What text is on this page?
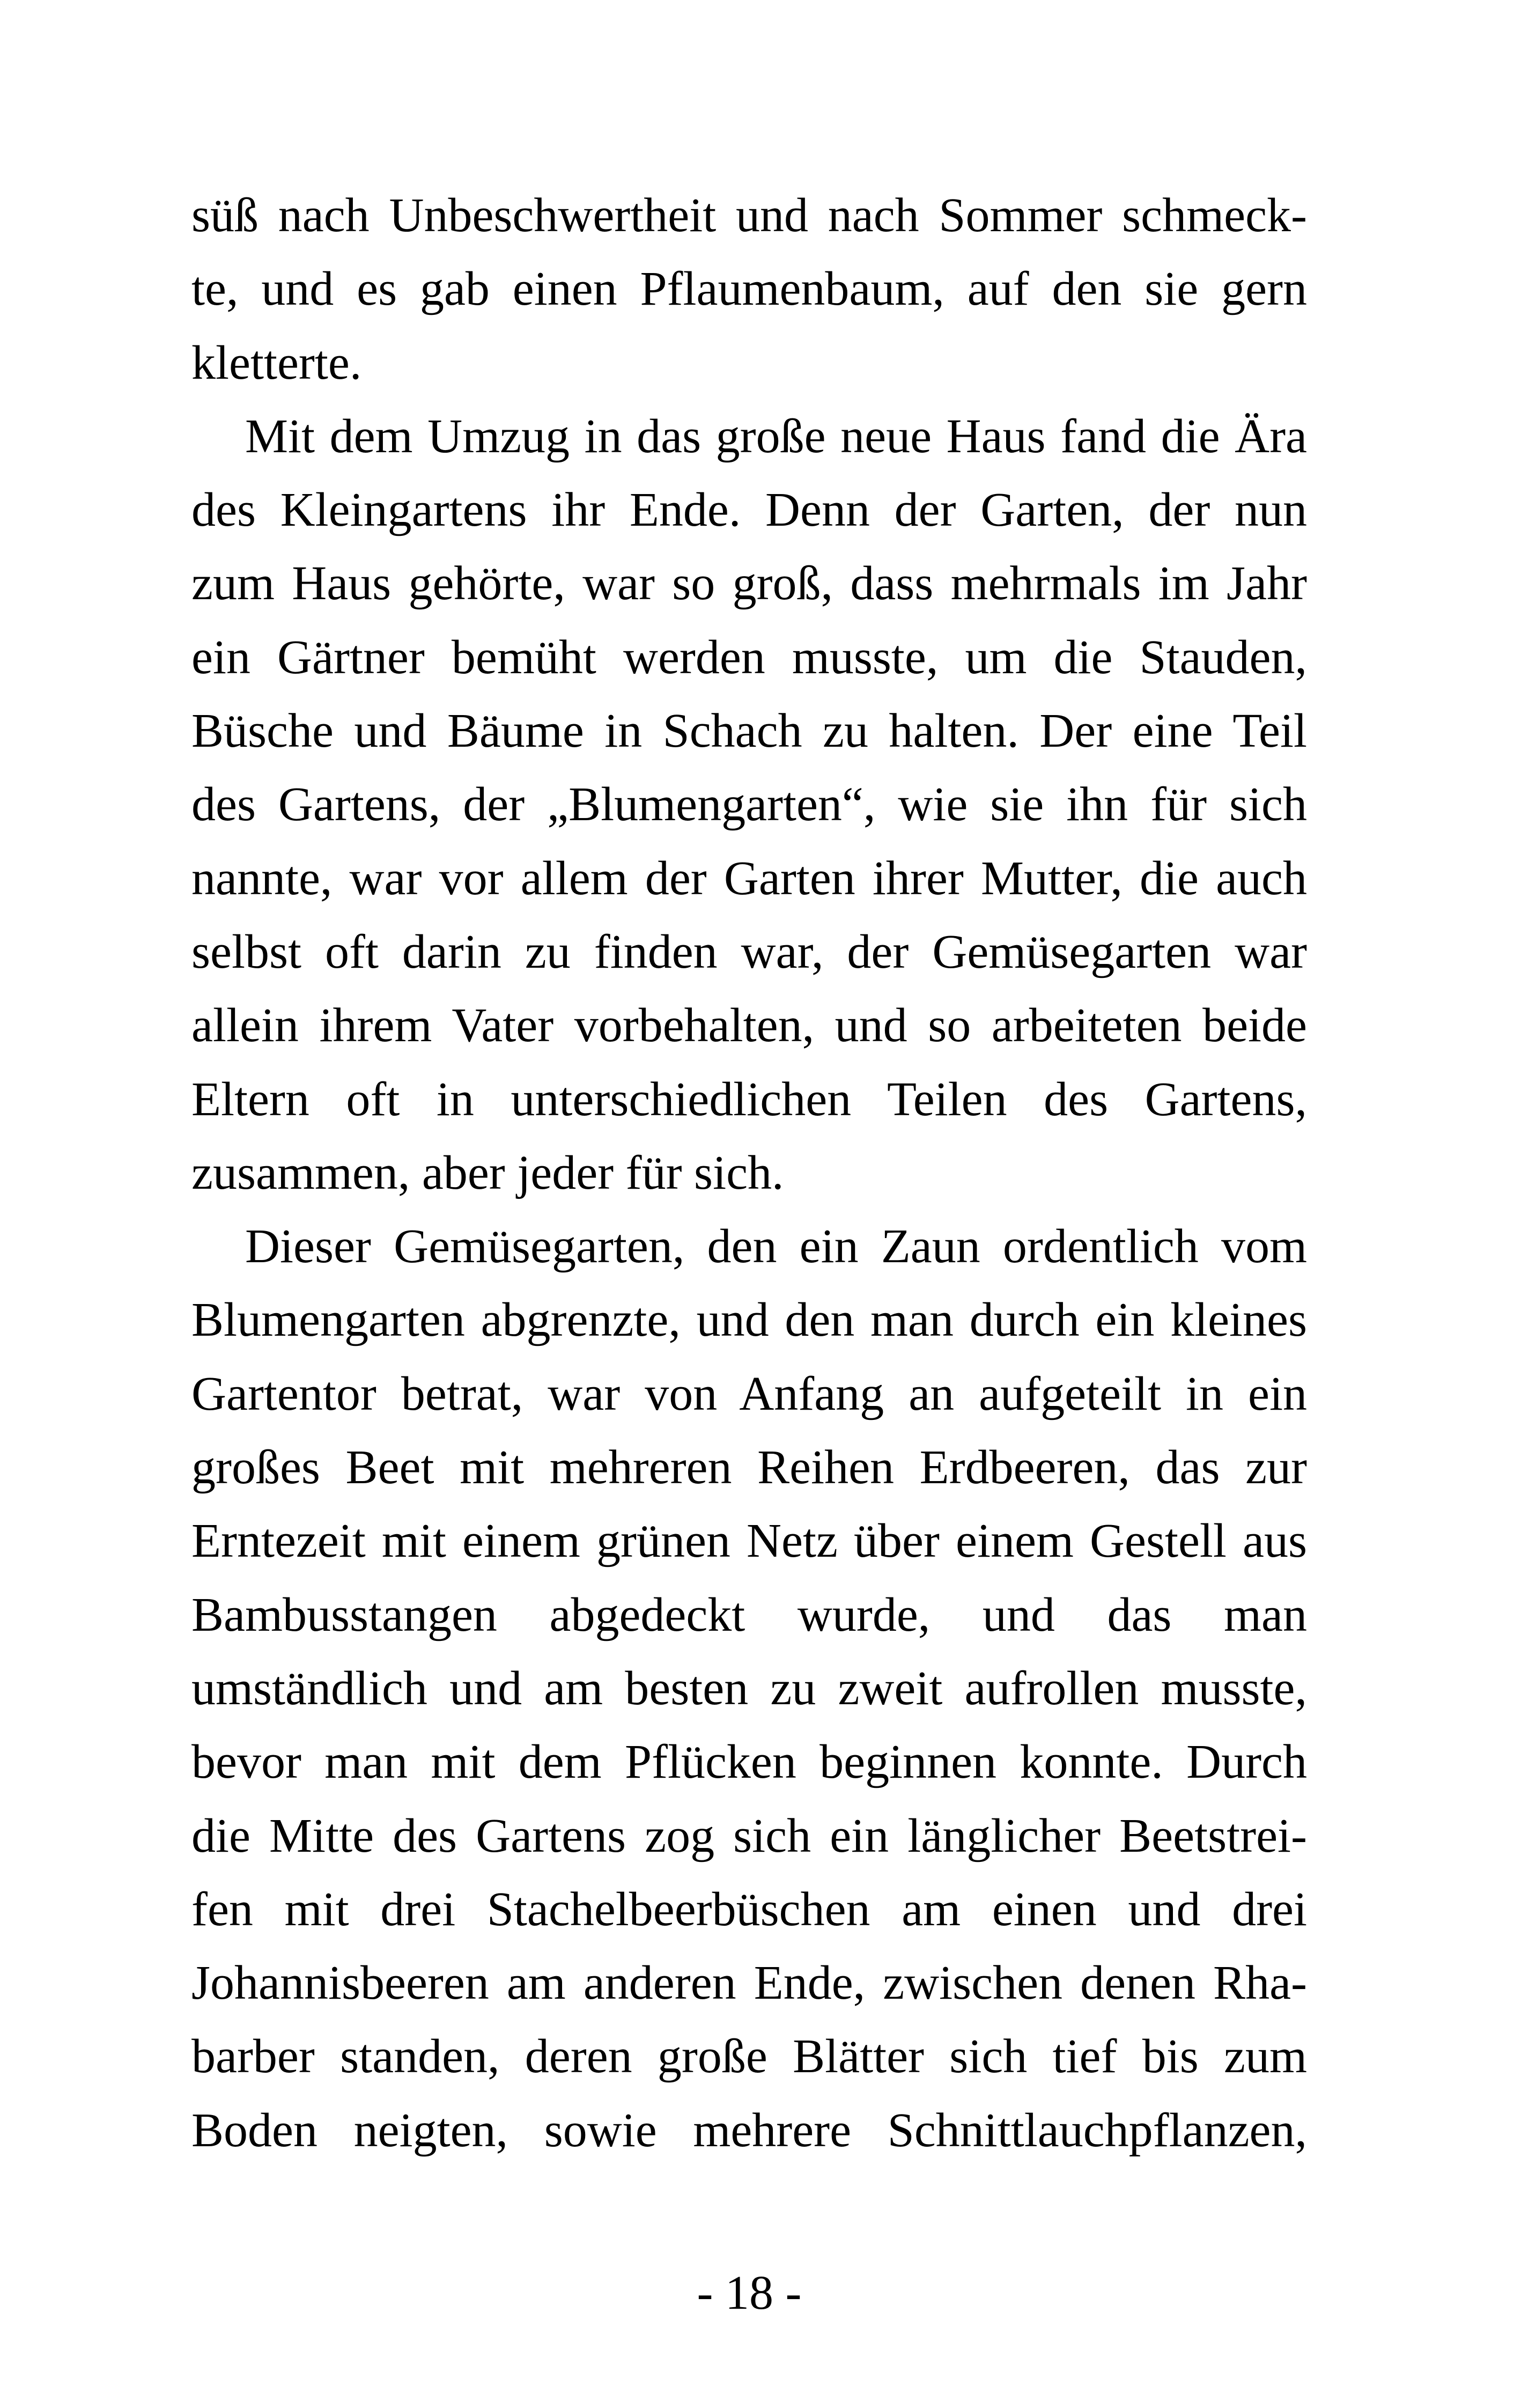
süß nach Unbeschwertheit und nach Sommer schmeck-
te, und es gab einen Pflaumenbaum, auf den sie gern
kletterte.
Mit dem Umzug in das große neue Haus fand die Ära
des Kleingartens ihr Ende. Denn der Garten, der nun
zum Haus gehörte, war so groß, dass mehrmals im Jahr
ein Gärtner bemüht werden musste, um die Stauden,
Büsche und Bäume in Schach zu halten. Der eine Teil
des Gartens, der „Blumengarten“, wie sie ihn für sich
nannte, war vor allem der Garten ihrer Mutter, die auch
selbst oft darin zu finden war, der Gemüsegarten war
allein ihrem Vater vorbehalten, und so arbeiteten beide
Eltern oft in unterschiedlichen Teilen des Gartens,
zusammen, aber jeder für sich.
Dieser Gemüsegarten, den ein Zaun ordentlich vom
Blumengarten abgrenzte, und den man durch ein kleines
Gartentor betrat, war von Anfang an aufgeteilt in ein
großes Beet mit mehreren Reihen Erdbeeren, das zur
Erntezeit mit einem grünen Netz über einem Gestell aus
Bambusstangen abgedeckt wurde, und das man
umständlich und am besten zu zweit aufrollen musste,
bevor man mit dem Pflücken beginnen konnte. Durch
die Mitte des Gartens zog sich ein länglicher Beetstrei-
fen mit drei Stachelbeerbüschen am einen und drei
Johannisbeeren am anderen Ende, zwischen denen Rha-
barber standen, deren große Blätter sich tief bis zum
Boden neigten, sowie mehrere Schnittlauchpflanzen,
- 18 -
